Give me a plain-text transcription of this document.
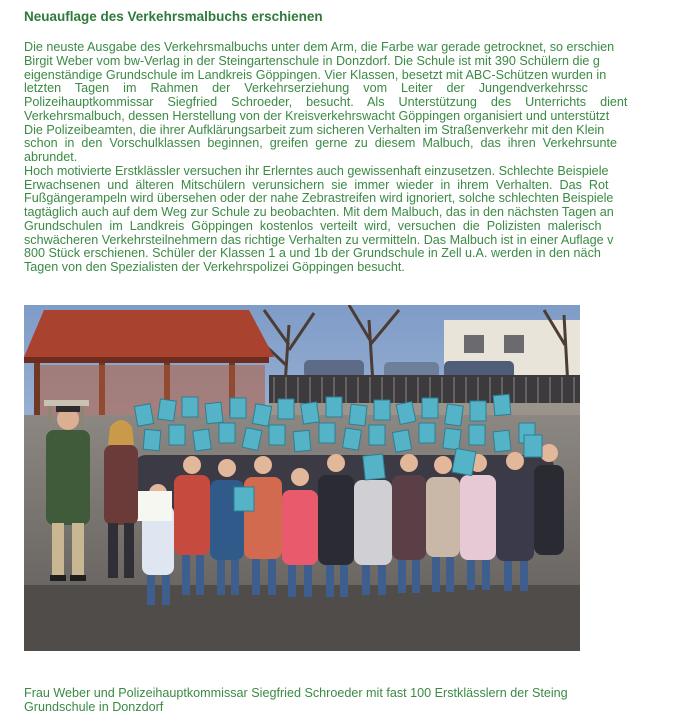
Neuauflage des Verkehrsmalbuchs erschienen
Die neuste Ausgabe des Verkehrsmalbuchs unter dem Arm, die Farbe war gerade getrocknet, so erschien
Birgit Weber vom bw-Verlag in der Steingartenschule in Donzdorf. Die Schule ist mit 390 Schülern die g
eigenständige Grundschule im Landkreis Göppingen. Vier Klassen, besetzt mit ABC-Schützen wurden in
letzten    Tagen    im    Rahmen    der    Verkehrserziehung    vom    Leiter    der    Jungendverkehrssc
Polizeihauptkommissar    Siegfried    Schroeder,    besucht.    Als    Unterstützung    des    Unterrichts    dient
Verkehrsmalbuch, dessen Herstellung von der Kreisverkehrswacht Göppingen organisiert und unterstützt
Die Polizeibeamten, die ihrer Aufklärungsarbeit zum sicheren Verhalten im Straßenverkehr mit den Klein
schon  in  den  Vorschulklassen  beginnen,  greifen  gerne  zu  diesem  Malbuch,  das  ihren  Verkehrsunte
abrundet.
Hoch motivierte Erstklässler versuchen ihr Erlerntes auch gewissenhaft einzusetzen. Schlechte Beispiele
Erwachsenen  und  älteren  Mitschülern  verunsichern  sie  immer  wieder  in  ihrem  Verhalten.  Das  Rot
Fußgängerampeln wird übersehen oder der nahe Zebrastreifen wird ignoriert, solche schlechten Beispiele
tagtäglich auch auf dem Weg zur Schule zu beobachten. Mit dem Malbuch, das in den nächsten Tagen an
Grundschulen  im  Landkreis  Göppingen  kostenlos  verteilt  wird,  versuchen  die  Polizisten  malerisch
schwächeren Verkehrsteilnehmern das richtige Verhalten zu vermitteln. Das Malbuch ist in einer Auflage v
800 Stück erschienen. Schüler der Klassen 1 a und 1b der Grundschule in Zell u.A. werden in den näch
Tagen von den Spezialisten der Verkehrspolizei Göppingen besucht.
Frau Weber und Polizeihauptkommissar Siegfried Schroeder mit fast 100 Erstklässlern der Steing
Grundschule in Donzdorf
